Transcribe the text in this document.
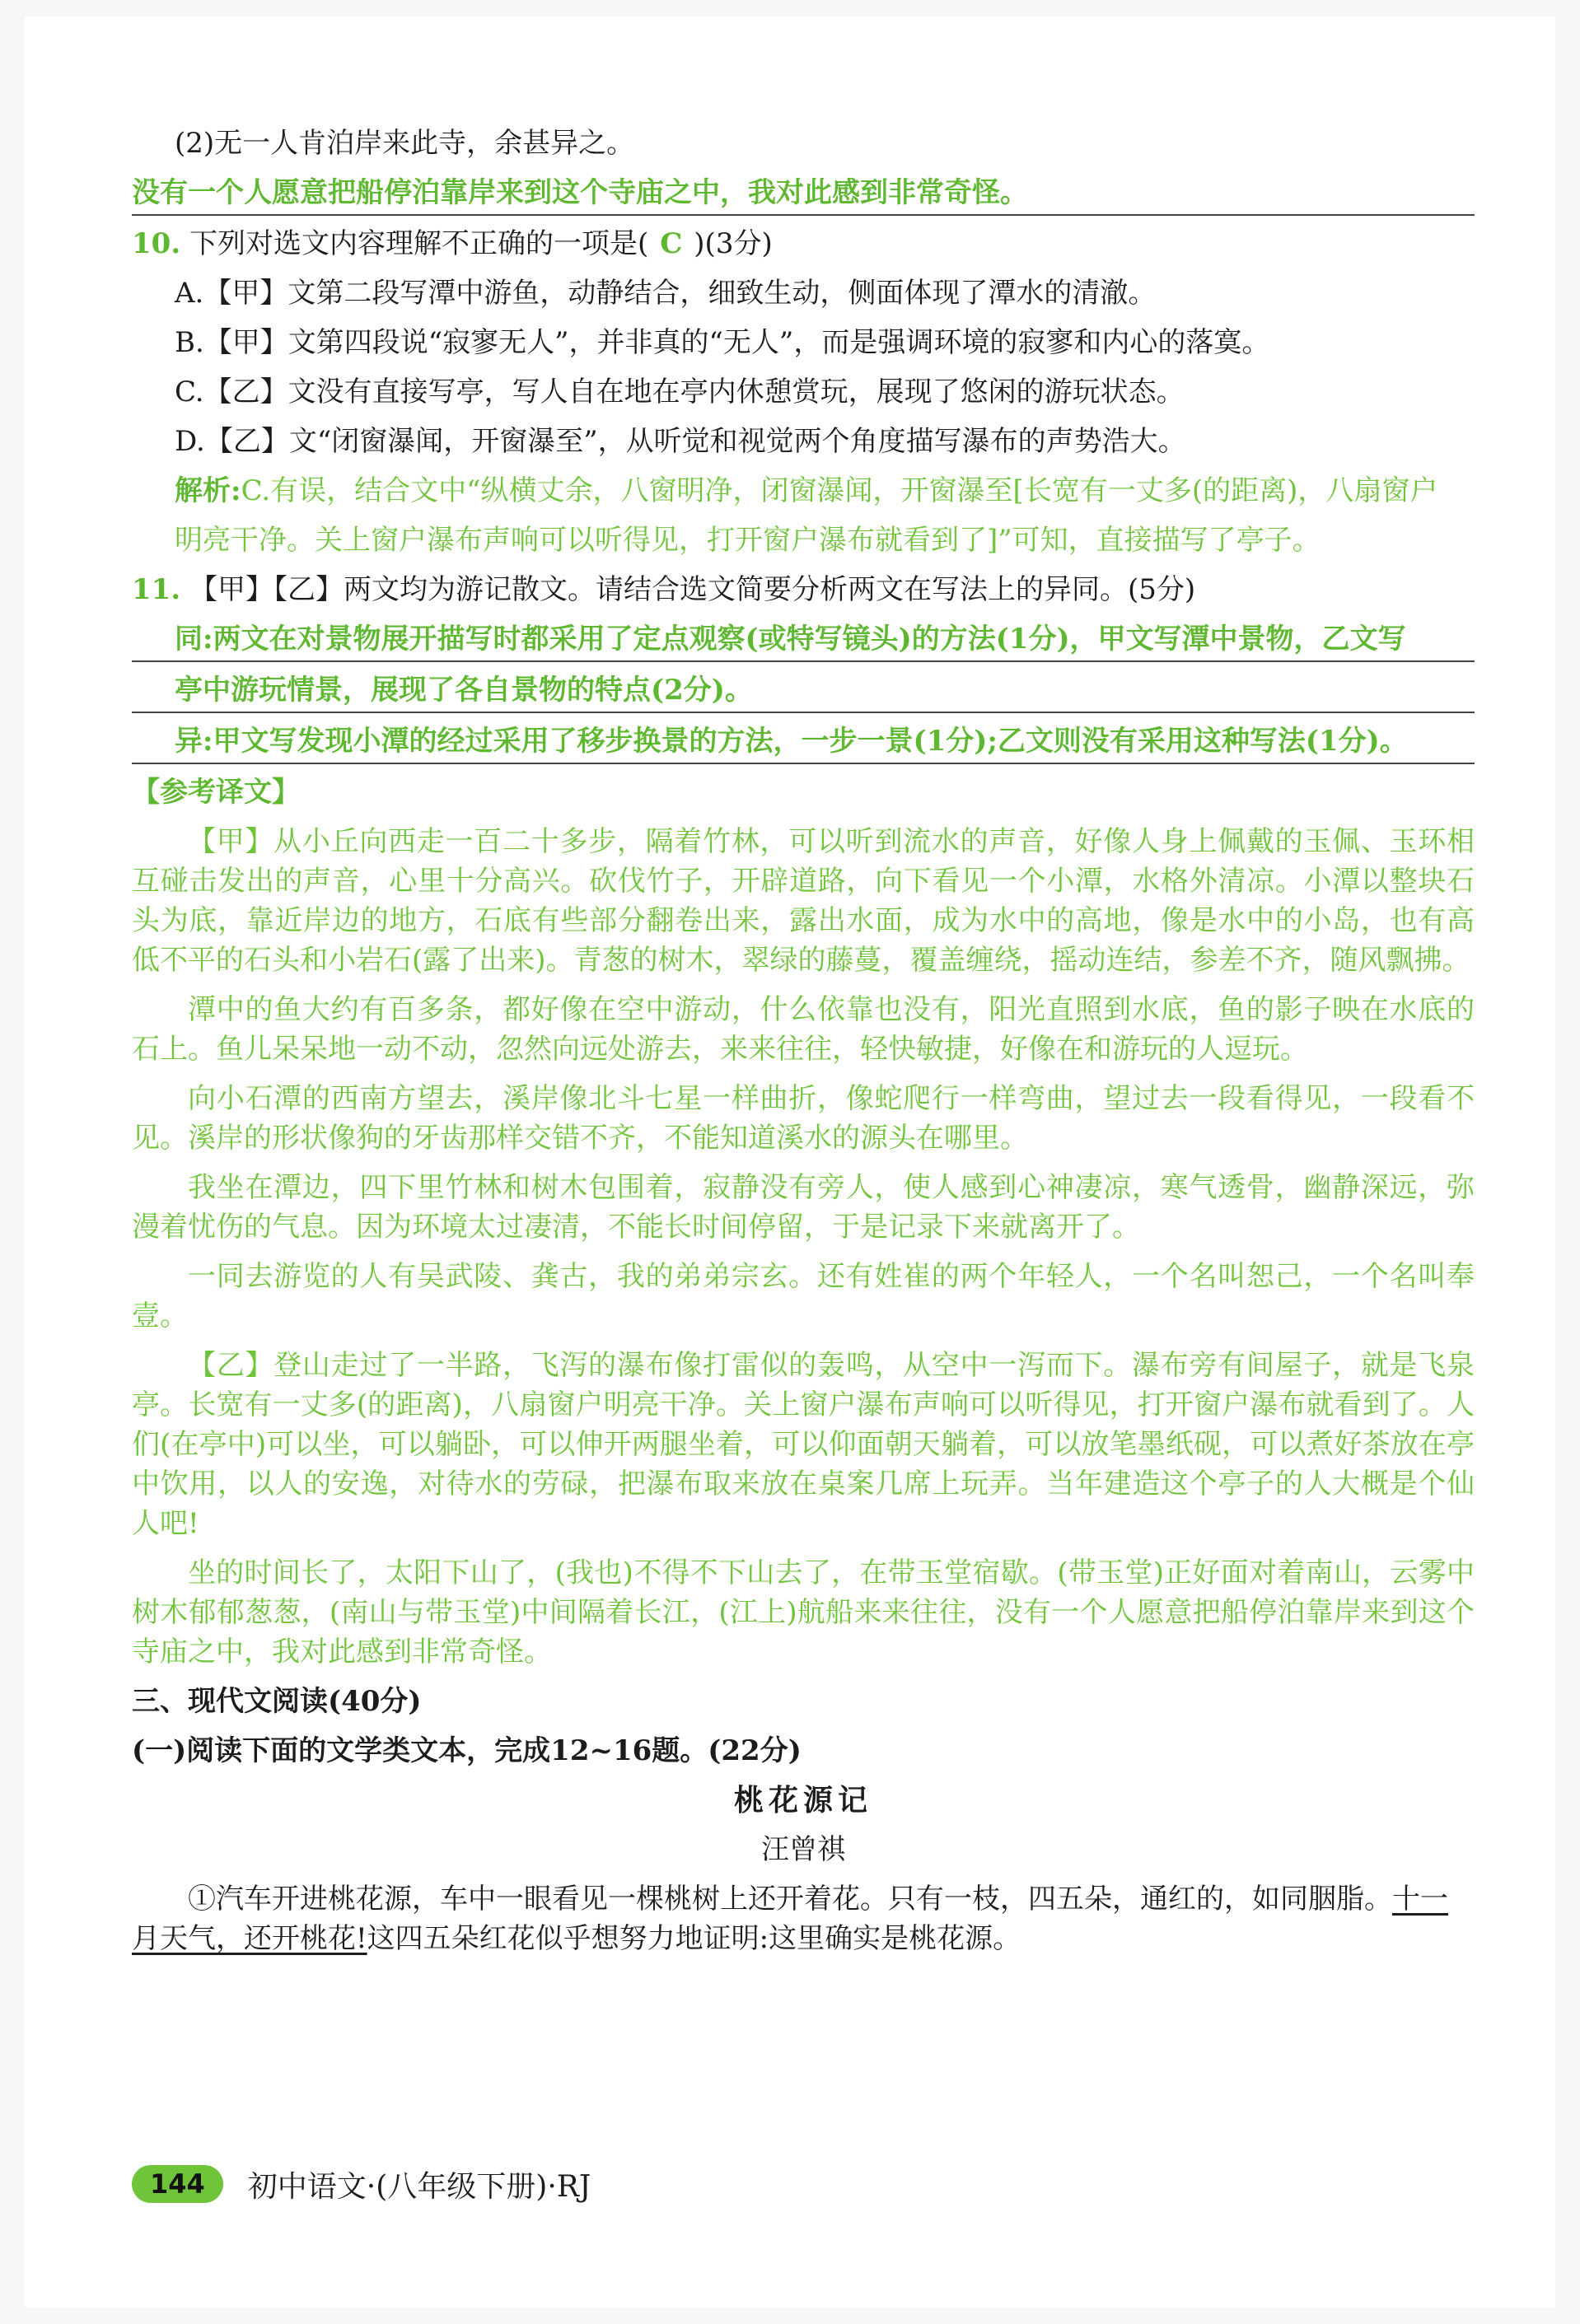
(2)无一人肯泊岸来此寺，余甚异之。
没有一个人愿意把船停泊靠岸来到这个寺庙之中，我对此感到非常奇怪。
10. 下列对选文内容理解不正确的一项是( C )(3分)
A.【甲】文第二段写潭中游鱼，动静结合，细致生动，侧面体现了潭水的清澈。
B.【甲】文第四段说“寂寥无人”，并非真的“无人”，而是强调环境的寂寥和内心的落寞。
C.【乙】文没有直接写亭，写人自在地在亭内休憩赏玩，展现了悠闲的游玩状态。
D.【乙】文“闭窗瀑闻，开窗瀑至”，从听觉和视觉两个角度描写瀑布的声势浩大。
解析:C.有误，结合文中“纵横丈余，八窗明净，闭窗瀑闻，开窗瀑至[长宽有一丈多(的距离)，八扇窗户
明亮干净。关上窗户瀑布声响可以听得见，打开窗户瀑布就看到了]”可知，直接描写了亭子。
11. 【甲】【乙】两文均为游记散文。请结合选文简要分析两文在写法上的异同。(5分)
同:两文在对景物展开描写时都采用了定点观察(或特写镜头)的方法(1分)，甲文写潭中景物，乙文写
亭中游玩情景，展现了各自景物的特点(2分)。
异:甲文写发现小潭的经过采用了移步换景的方法，一步一景(1分);乙文则没有采用这种写法(1分)。
【参考译文】

【甲】从小丘向西走一百二十多步，隔着竹林，可以听到流水的声音，好像人身上佩戴的玉佩、玉环相互碰击发出的声音，心里十分高兴。砍伐竹子，开辟道路，向下看见一个小潭，水格外清凉。小潭以整块石头为底，靠近岸边的地方，石底有些部分翻卷出来，露出水面，成为水中的高地，像是水中的小岛，也有高低不平的石头和小岩石(露了出来)。青葱的树木，翠绿的藤蔓，覆盖缠绕，摇动连结，参差不齐，随风飘拂。

潭中的鱼大约有百多条，都好像在空中游动，什么依靠也没有，阳光直照到水底，鱼的影子映在水底的石上。鱼儿呆呆地一动不动，忽然向远处游去，来来往往，轻快敏捷，好像在和游玩的人逗玩。

向小石潭的西南方望去，溪岸像北斗七星一样曲折，像蛇爬行一样弯曲，望过去一段看得见，一段看不见。溪岸的形状像狗的牙齿那样交错不齐，不能知道溪水的源头在哪里。

我坐在潭边，四下里竹林和树木包围着，寂静没有旁人，使人感到心神凄凉，寒气透骨，幽静深远，弥漫着忧伤的气息。因为环境太过凄清，不能长时间停留，于是记录下来就离开了。

一同去游览的人有吴武陵、龚古，我的弟弟宗玄。还有姓崔的两个年轻人，一个名叫恕己，一个名叫奉壹。

【乙】登山走过了一半路，飞泻的瀑布像打雷似的轰鸣，从空中一泻而下。瀑布旁有间屋子，就是飞泉亭。长宽有一丈多(的距离)，八扇窗户明亮干净。关上窗户瀑布声响可以听得见，打开窗户瀑布就看到了。人们(在亭中)可以坐，可以躺卧，可以伸开两腿坐着，可以仰面朝天躺着，可以放笔墨纸砚，可以煮好茶放在亭中饮用，以人的安逸，对待水的劳碌，把瀑布取来放在桌案几席上玩弄。当年建造这个亭子的人大概是个仙人吧!

坐的时间长了，太阳下山了，(我也)不得不下山去了，在带玉堂宿歇。(带玉堂)正好面对着南山，云雾中树木郁郁葱葱，(南山与带玉堂)中间隔着长江，(江上)航船来来往往，没有一个人愿意把船停泊靠岸来到这个寺庙之中，我对此感到非常奇怪。

三、现代文阅读(40分)
(一)阅读下面的文学类文本，完成12~16题。(22分)
桃花源记
汪曾祺

①汽车开进桃花源，车中一眼看见一棵桃树上还开着花。只有一枝，四五朵，通红的，如同胭脂。十一月天气，还开桃花!这四五朵红花似乎想努力地证明:这里确实是桃花源。

144	初中语文·(八年级下册)·RJ
